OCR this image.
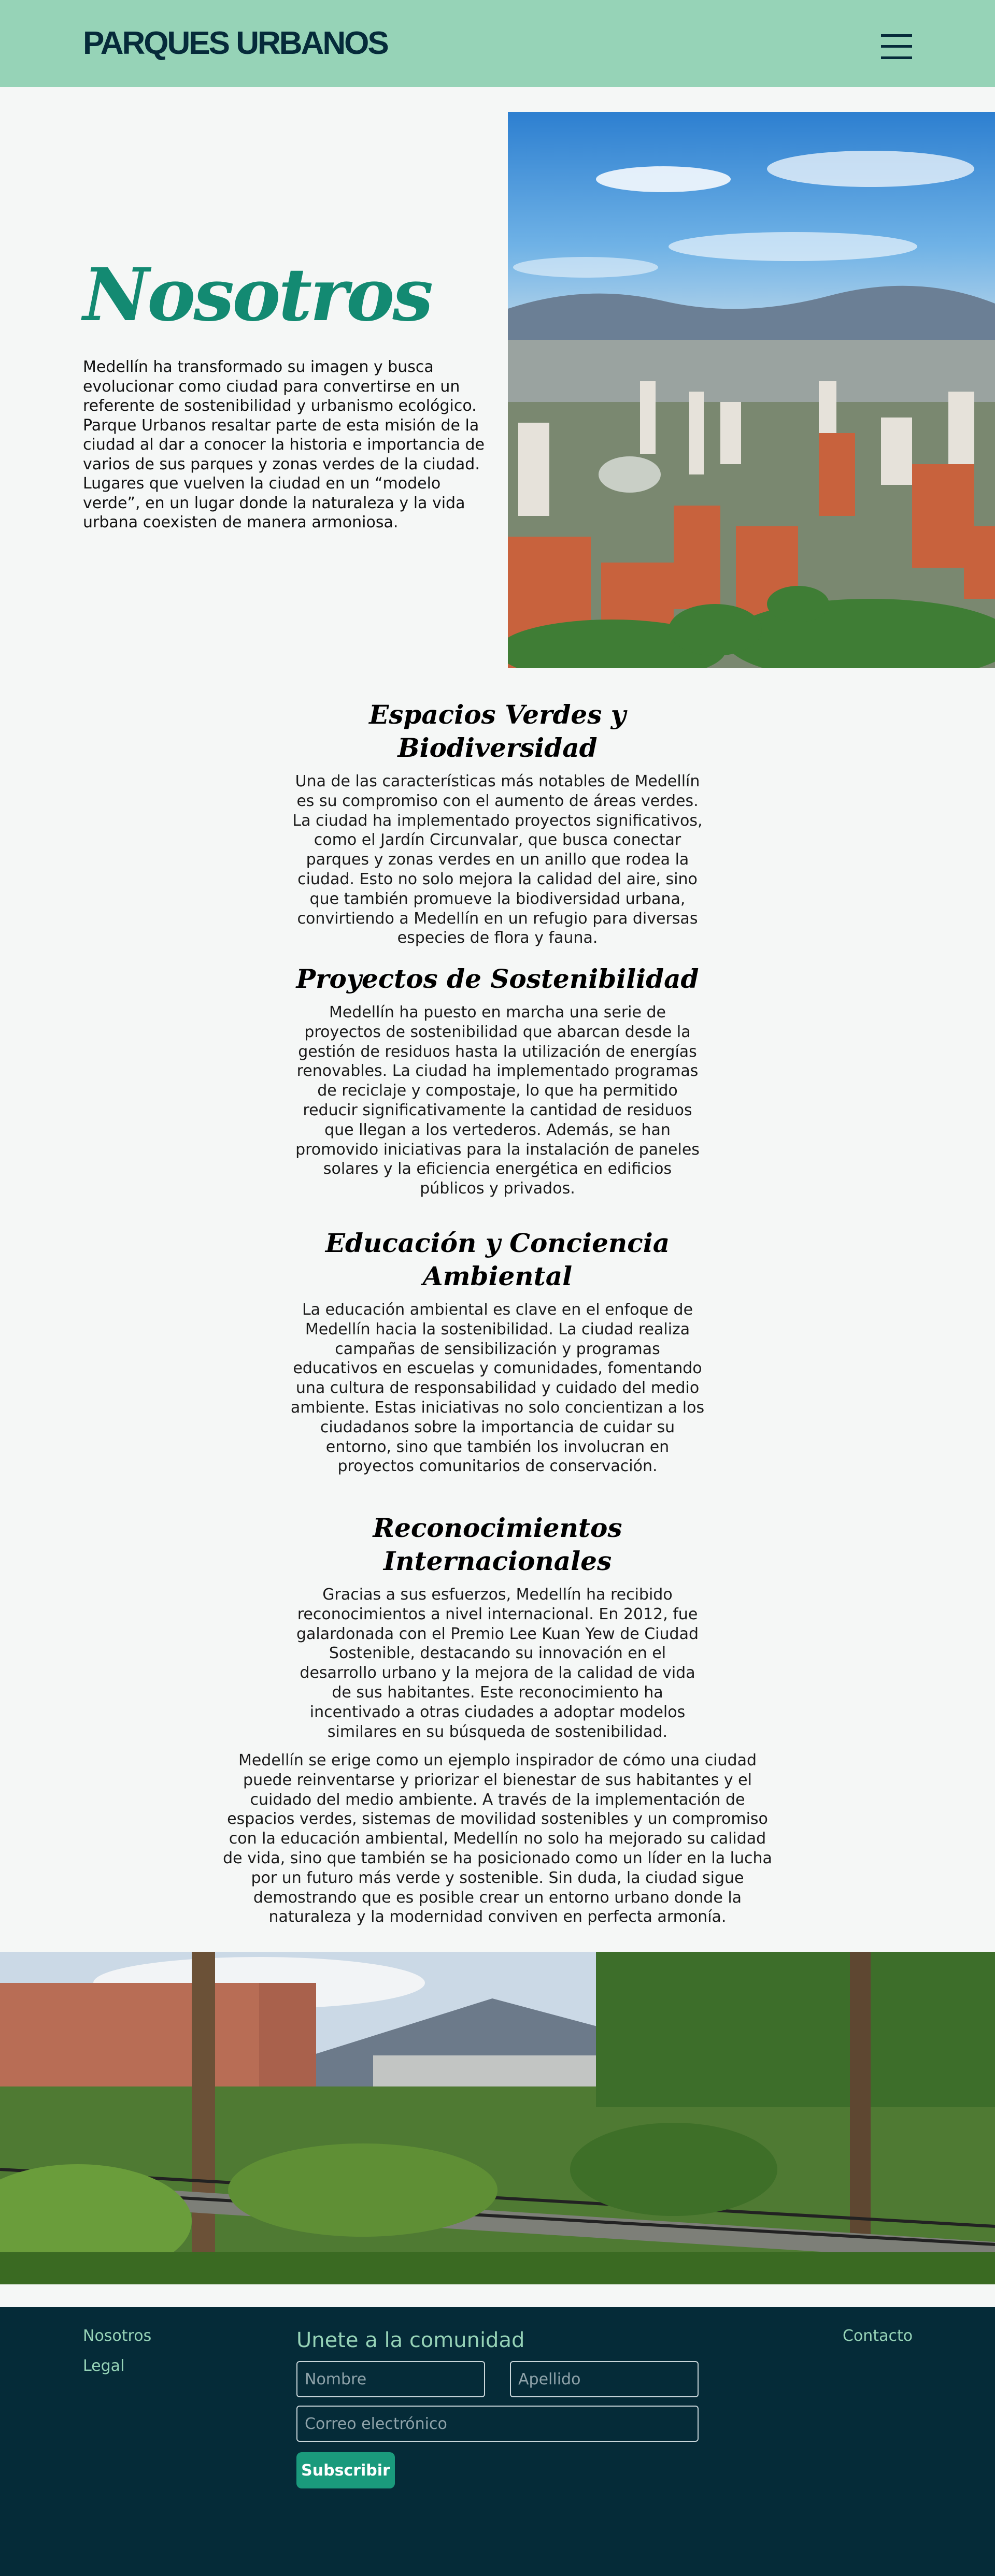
PARQUES URBANOS
Nosotros
Medellín ha transformado su imagen y busca evolucionar como ciudad para convertirse en un referente de sostenibilidad y urbanismo ecológico. Parque Urbanos resaltar parte de esta misión de la ciudad al dar a conocer la historia e importancia de varios de sus parques y zonas verdes de la ciudad. Lugares que vuelven la ciudad en un “modelo verde”, en un lugar donde la naturaleza y la vida urbana coexisten de manera armoniosa.
Espacios Verdes y Biodiversidad
Una de las características más notables de Medellín es su compromiso con el aumento de áreas verdes. La ciudad ha implementado proyectos significativos, como el Jardín Circunvalar, que busca conectar parques y zonas verdes en un anillo que rodea la ciudad. Esto no solo mejora la calidad del aire, sino que también promueve la biodiversidad urbana, convirtiendo a Medellín en un refugio para diversas especies de flora y fauna.
Proyectos de Sostenibilidad
Medellín ha puesto en marcha una serie de proyectos de sostenibilidad que abarcan desde la gestión de residuos hasta la utilización de energías renovables. La ciudad ha implementado programas de reciclaje y compostaje, lo que ha permitido reducir significativamente la cantidad de residuos que llegan a los vertederos. Además, se han promovido iniciativas para la instalación de paneles solares y la eficiencia energética en edificios públicos y privados.
Educación y Conciencia Ambiental
La educación ambiental es clave en el enfoque de Medellín hacia la sostenibilidad. La ciudad realiza campañas de sensibilización y programas educativos en escuelas y comunidades, fomentando una cultura de responsabilidad y cuidado del medio ambiente. Estas iniciativas no solo concientizan a los ciudadanos sobre la importancia de cuidar su entorno, sino que también los involucran en proyectos comunitarios de conservación.
Reconocimientos Internacionales
Gracias a sus esfuerzos, Medellín ha recibido reconocimientos a nivel internacional. En 2012, fue galardonada con el Premio Lee Kuan Yew de Ciudad Sostenible, destacando su innovación en el desarrollo urbano y la mejora de la calidad de vida de sus habitantes. Este reconocimiento ha incentivado a otras ciudades a adoptar modelos similares en su búsqueda de sostenibilidad.
Medellín se erige como un ejemplo inspirador de cómo una ciudad puede reinventarse y priorizar el bienestar de sus habitantes y el cuidado del medio ambiente. A través de la implementación de espacios verdes, sistemas de movilidad sostenibles y un compromiso con la educación ambiental, Medellín no solo ha mejorado su calidad de vida, sino que también se ha posicionado como un líder en la lucha por un futuro más verde y sostenible. Sin duda, la ciudad sigue demostrando que es posible crear un entorno urbano donde la naturaleza y la modernidad conviven en perfecta armonía.
Nosotros
Legal
Contacto
Unete a la comunidad
Nombre
Apellido
Correo electrónico
Subscribir
